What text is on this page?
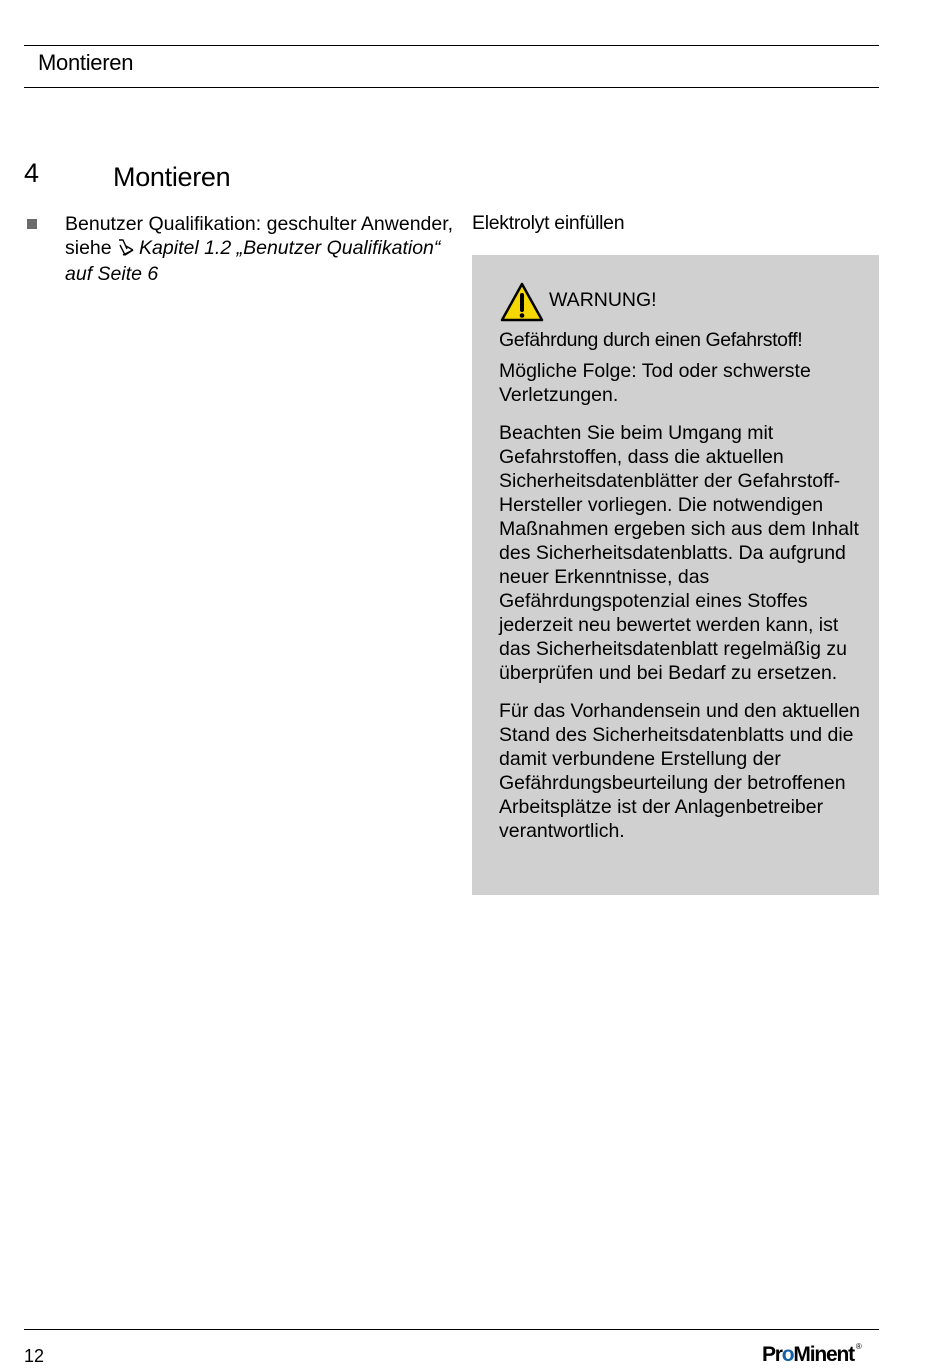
Montieren
4	Montieren
Benutzer Qualifikation: geschulter Anwender, siehe Kapitel 1.2 „Benutzer Qualifikation“ auf Seite 6
Elektrolyt einfüllen
WARNUNG!
Gefährdung durch einen Gefahrstoff!

Mögliche Folge: Tod oder schwerste Verletzungen.

Beachten Sie beim Umgang mit Gefahrstoffen, dass die aktuellen Sicherheitsdatenblätter der Gefahrstoff-Hersteller vorliegen. Die notwendigen Maßnahmen ergeben sich aus dem Inhalt des Sicherheitsdatenblatts. Da aufgrund neuer Erkenntnisse, das Gefährdungspotenzial eines Stoffes jederzeit neu bewertet werden kann, ist das Sicherheitsdatenblatt regelmäßig zu überprüfen und bei Bedarf zu ersetzen.

Für das Vorhandensein und den aktuellen Stand des Sicherheitsdatenblatts und die damit verbundene Erstellung der Gefährdungsbeurteilung der betroffenen Arbeitsplätze ist der Anlagenbetreiber verantwortlich.

12	ProMinent ®
